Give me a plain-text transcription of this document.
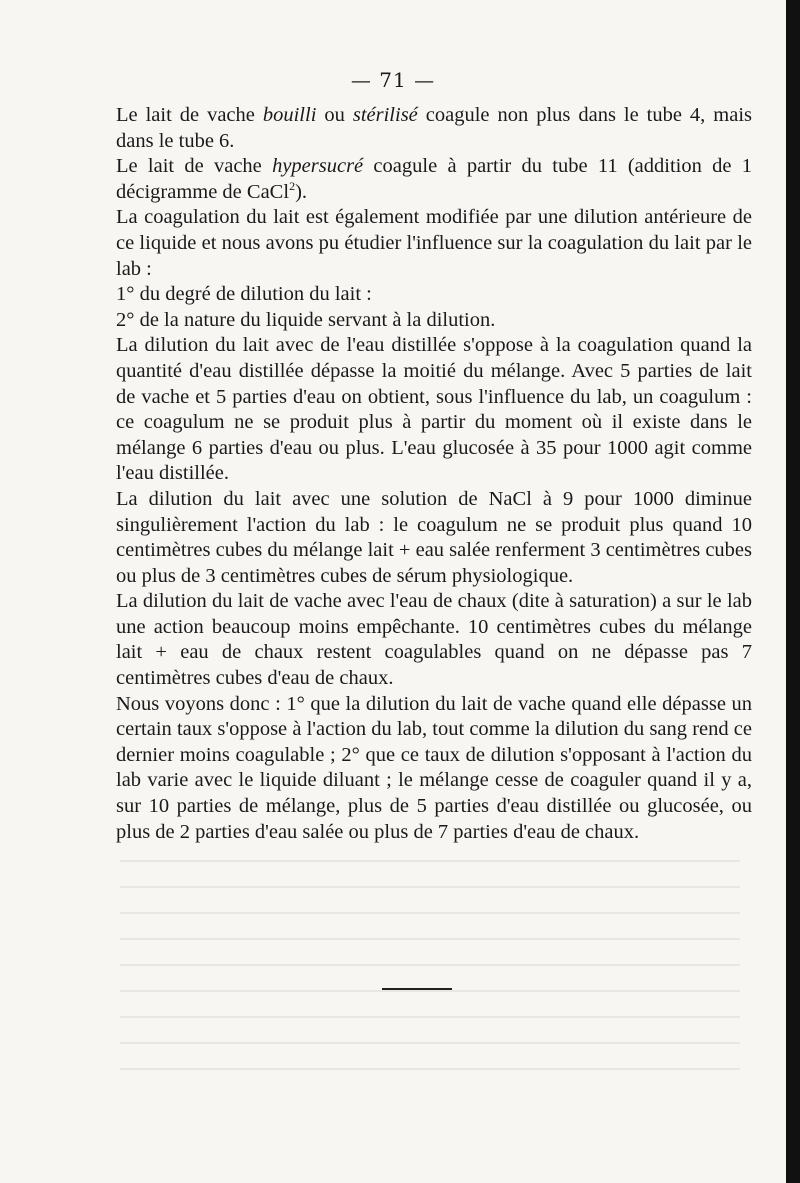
— 71 —

Le lait de vache bouilli ou stérilisé coagule non plus dans le tube 4, mais dans le tube 6.

Le lait de vache hypersucré coagule à partir du tube 11 (addition de 1 décigramme de CaCl$^2$).

La coagulation du lait est également modifiée par une dilution antérieure de ce liquide et nous avons pu étudier l'influence sur la coagulation du lait par le lab :

1° du degré de dilution du lait :

2° de la nature du liquide servant à la dilution.

La dilution du lait avec de l'eau distillée s'oppose à la coagulation quand la quantité d'eau distillée dépasse la moitié du mélange. Avec 5 parties de lait de vache et 5 parties d'eau on obtient, sous l'influence du lab, un coagulum : ce coagulum ne se produit plus à partir du moment où il existe dans le mélange 6 parties d'eau ou plus. L'eau glucosée à 35 pour 1000 agit comme l'eau distillée.

La dilution du lait avec une solution de NaCl à 9 pour 1000 diminue singulièrement l'action du lab : le coagulum ne se produit plus quand 10 centimètres cubes du mélange lait + eau salée renferment 3 centimètres cubes ou plus de 3 centimètres cubes de sérum physiologique.

La dilution du lait de vache avec l'eau de chaux (dite à saturation) a sur le lab une action beaucoup moins empêchante. 10 centimètres cubes du mélange lait + eau de chaux restent coagulables quand on ne dépasse pas 7 centimètres cubes d'eau de chaux.

Nous voyons donc : 1° que la dilution du lait de vache quand elle dépasse un certain taux s'oppose à l'action du lab, tout comme la dilution du sang rend ce dernier moins coagulable ; 2° que ce taux de dilution s'opposant à l'action du lab varie avec le liquide diluant ; le mélange cesse de coaguler quand il y a, sur 10 parties de mélange, plus de 5 parties d'eau distillée ou glucosée, ou plus de 2 parties d'eau salée ou plus de 7 parties d'eau de chaux.
